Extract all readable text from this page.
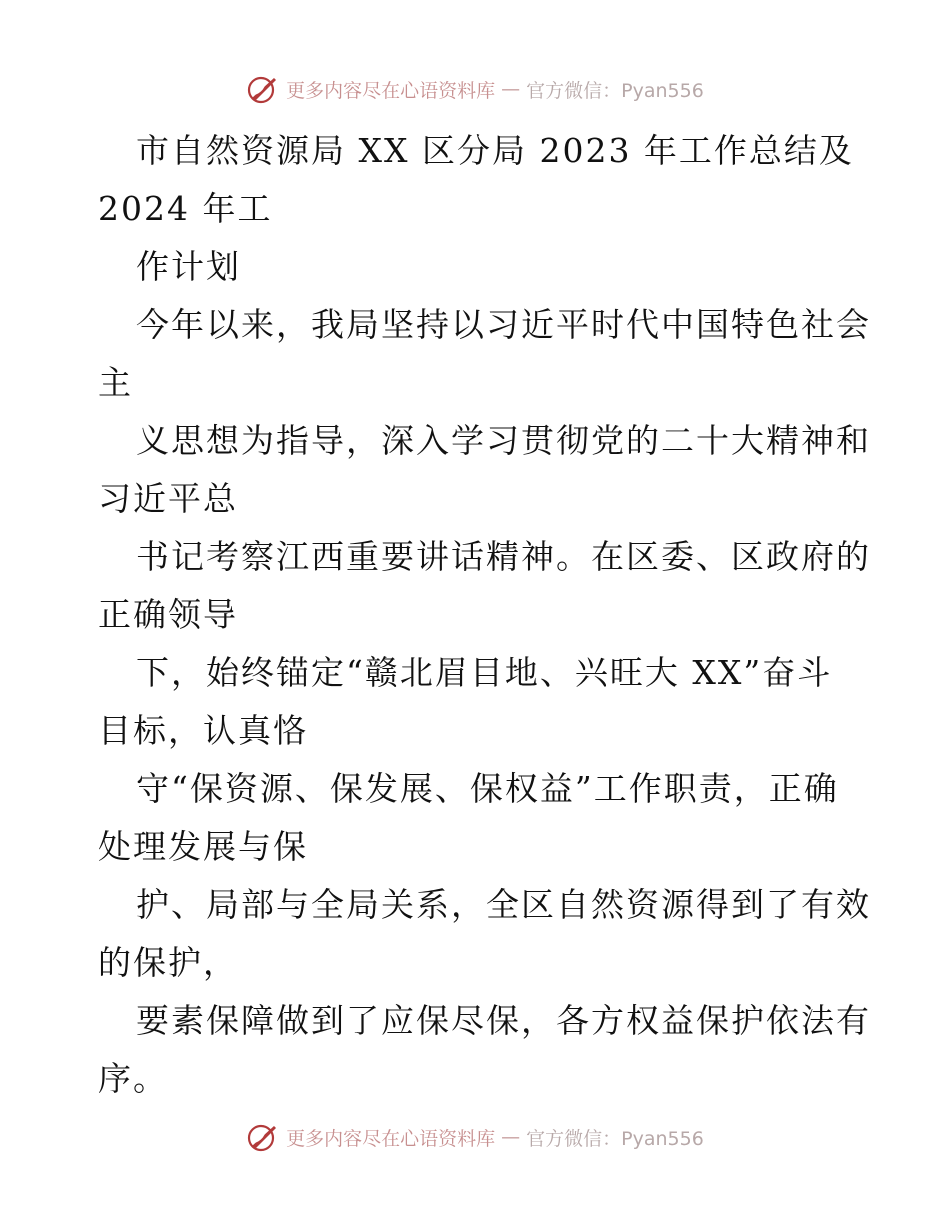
更多内容尽在心语资料库 — 官方微信：Pyan556
市自然资源局 XX 区分局 2023 年工作总结及
2024 年工
作计划
今年以来，我局坚持以习近平时代中国特色社会
主
义思想为指导，深入学习贯彻党的二十大精神和
习近平总
书记考察江西重要讲话精神。在区委、区政府的
正确领导
下，始终锚定“赣北眉目地、兴旺大 XX”奋斗
目标，认真恪
守“保资源、保发展、保权益”工作职责，正确
处理发展与保
护、局部与全局关系，全区自然资源得到了有效
的保护，
要素保障做到了应保尽保，各方权益保护依法有
序。
更多内容尽在心语资料库 — 官方微信：Pyan556
